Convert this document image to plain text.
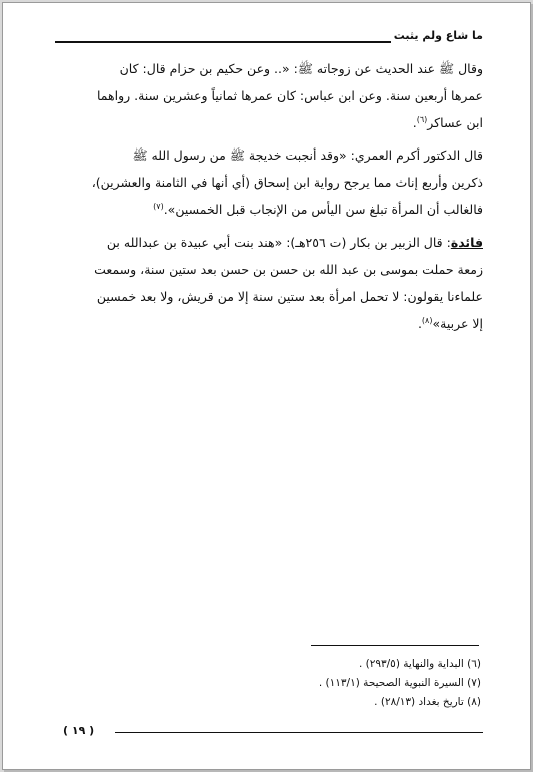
ما شاع ولم يثبت

وقال ﷺ عند الحديث عن زوجاته ﷺ: «.. وعن حكيم بن حزام قال: كان
عمرها أربعين سنة. وعن ابن عباس: كان عمرها ثمانياً وعشرين سنة. رواهما
ابن عساكر$^{(٦)}$.

قال الدكتور أكرم العمري: «وقد أنجبت خديجة ﷺ من رسول الله ﷺ
ذكرين وأربع إناث مما يرجح رواية ابن إسحاق (أي أنها في الثامنة والعشرين)،
فالغالب أن المرأة تبلغ سن اليأس من الإنجاب قبل الخمسين».$^{(٧)}$

فائدة: قال الزبير بن بكار (ت ٢٥٦هـ): «هند بنت أبي عبيدة بن عبدالله بن
زمعة حملت بموسى بن عبد الله بن حسن بن حسن بعد ستين سنة، وسمعت
علماءنا يقولون: لا تحمل امرأة بعد ستين سنة إلا من قريش، ولا بعد خمسين
إلا عربية»$^{(٨)}$.

(٦) البداية والنهاية (٢٩٣/٥) .
(٧) السيرة النبوية الصحيحة (١١٣/١) .
(٨) تاريخ بغداد (٢٨/١٣) .
( ١٩ )
